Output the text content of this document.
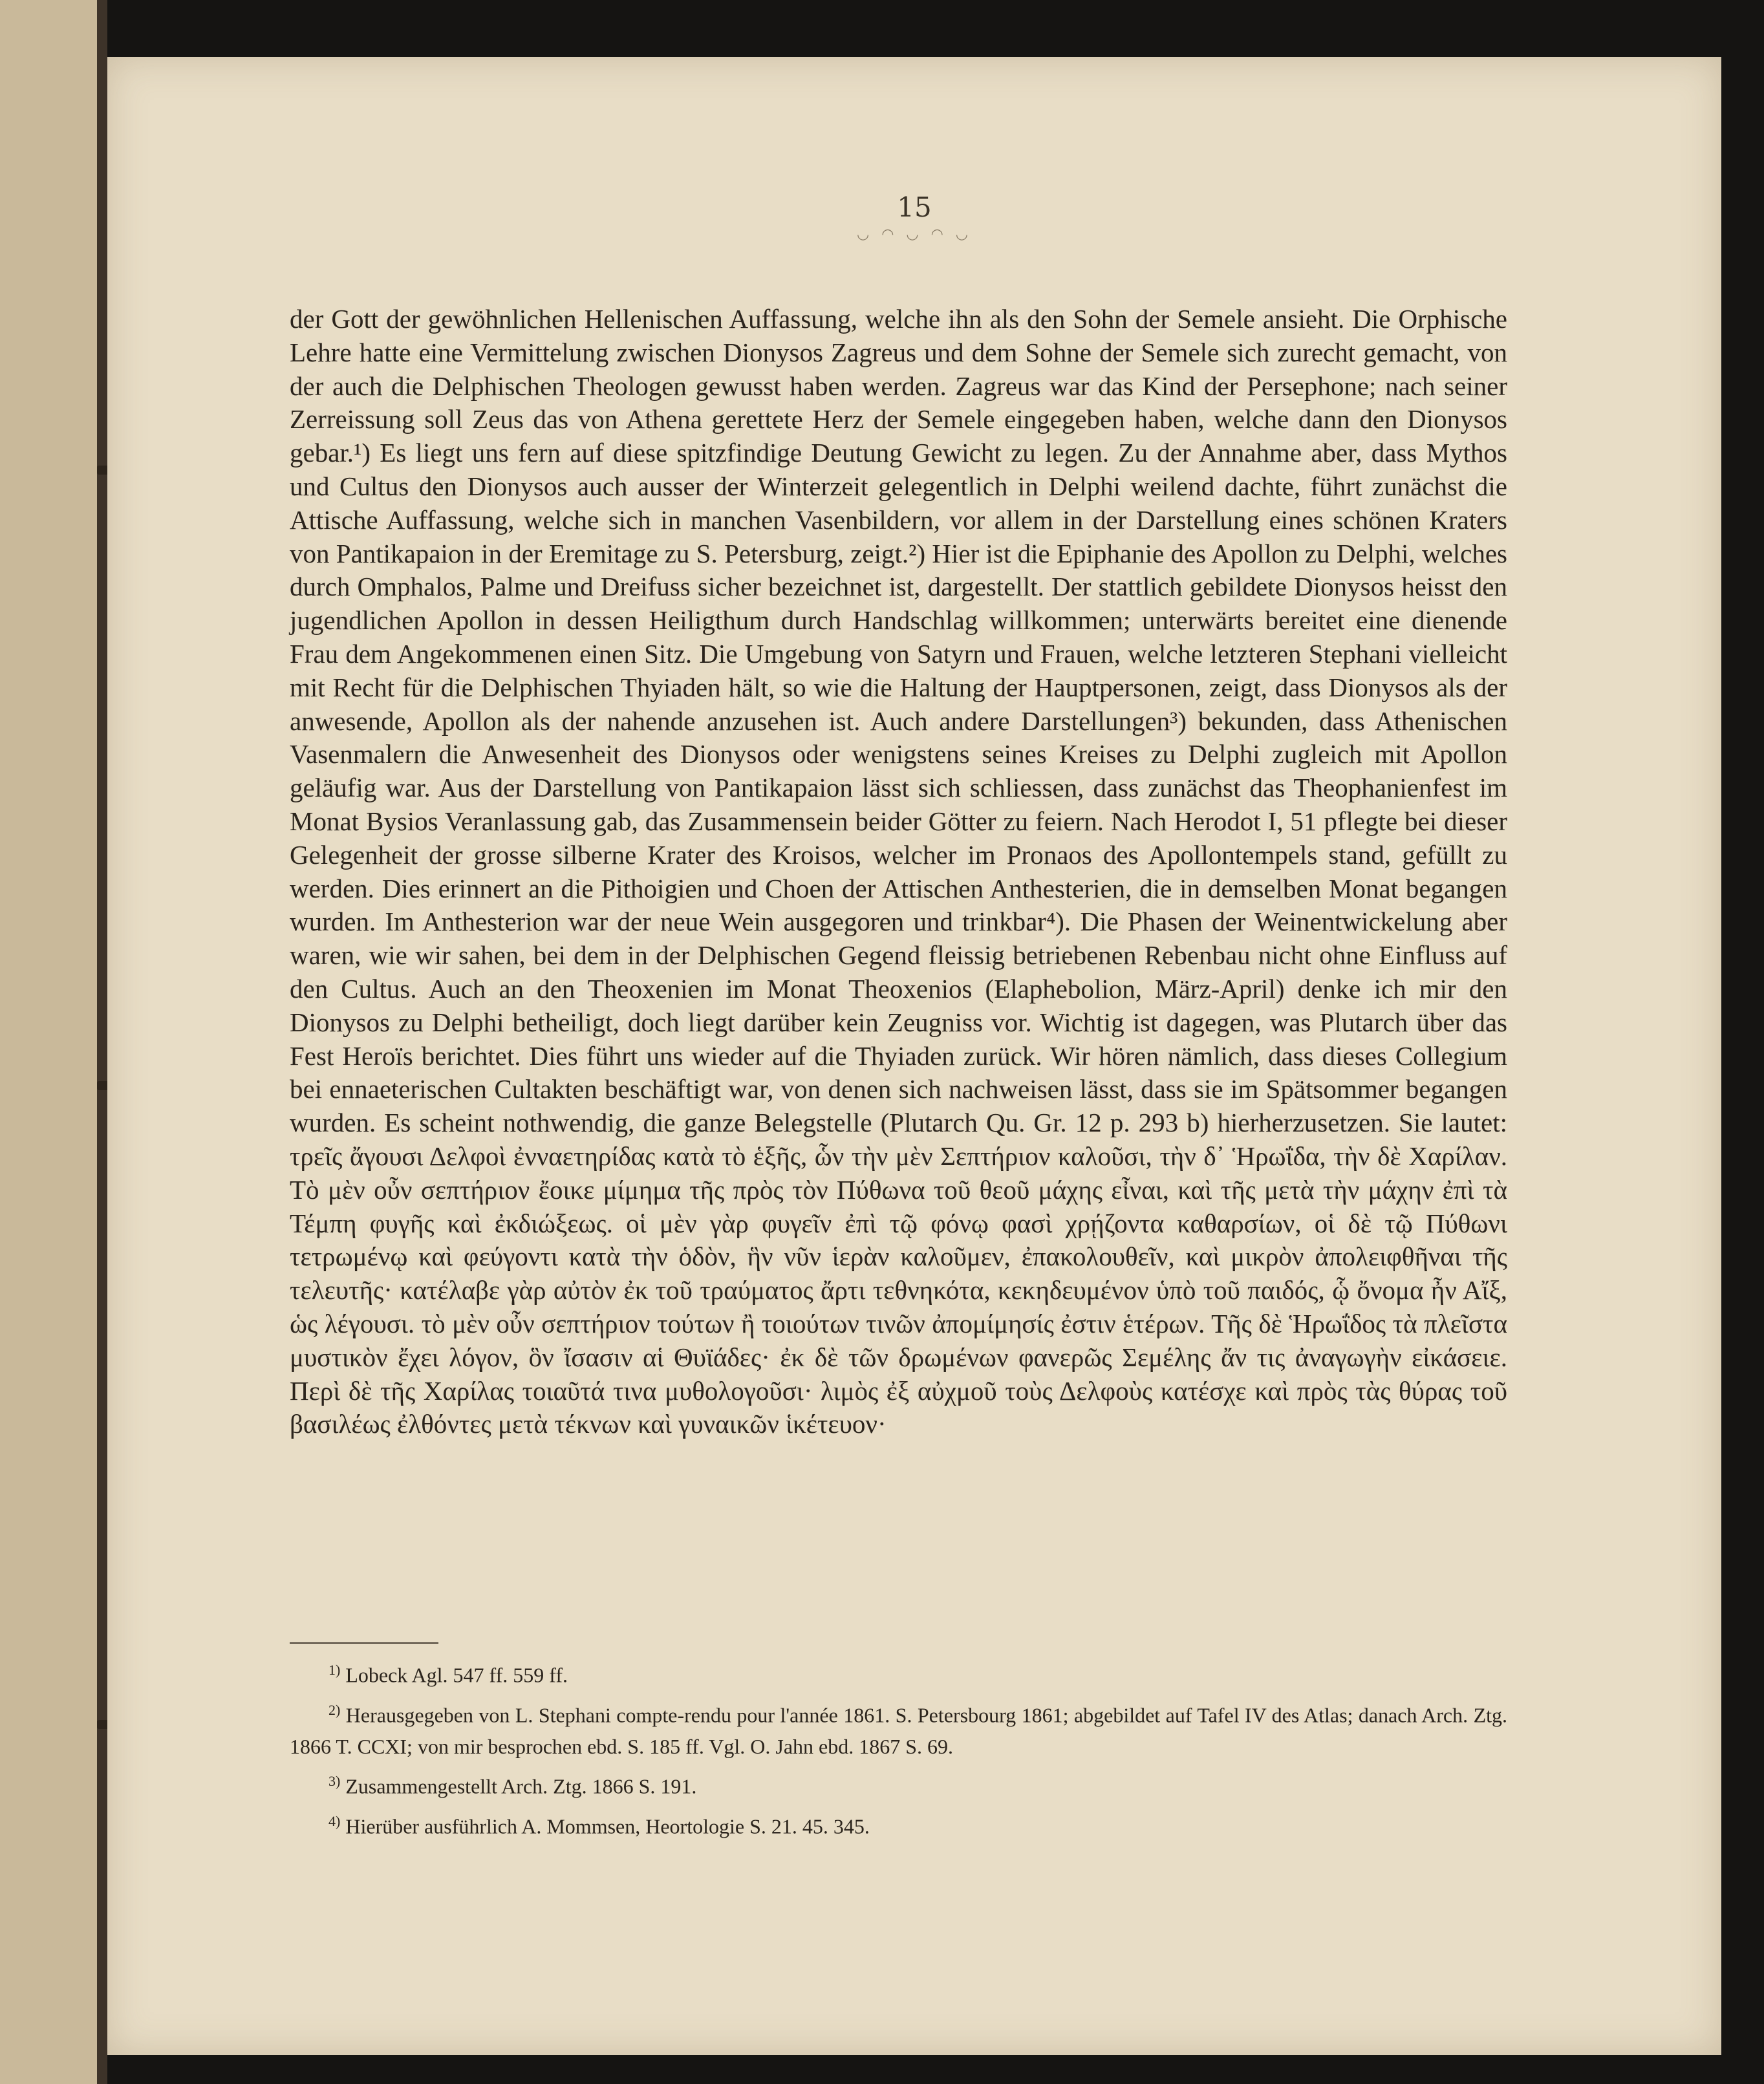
15
◡ ◠ ◡ ◠ ◡

der Gott der gewöhnlichen Hellenischen Auffassung, welche ihn als den Sohn der Semele ansieht. Die Orphische Lehre hatte eine Vermittelung zwischen Dionysos Zagreus und dem Sohne der Semele sich zurecht gemacht, von der auch die Delphischen Theologen gewusst haben werden. Zagreus war das Kind der Persephone; nach seiner Zerreissung soll Zeus das von Athena gerettete Herz der Semele eingegeben haben, welche dann den Dionysos gebar.¹) Es liegt uns fern auf diese spitzfindige Deutung Gewicht zu legen. Zu der Annahme aber, dass Mythos und Cultus den Dionysos auch ausser der Winterzeit gelegentlich in Delphi weilend dachte, führt zunächst die Attische Auffassung, welche sich in manchen Vasenbildern, vor allem in der Darstellung eines schönen Kraters von Pantikapaion in der Eremitage zu S. Petersburg, zeigt.²) Hier ist die Epiphanie des Apollon zu Delphi, welches durch Omphalos, Palme und Dreifuss sicher bezeichnet ist, dargestellt. Der stattlich gebildete Dionysos heisst den jugendlichen Apollon in dessen Heiligthum durch Handschlag willkommen; unterwärts bereitet eine dienende Frau dem Angekommenen einen Sitz. Die Umgebung von Satyrn und Frauen, welche letzteren Stephani vielleicht mit Recht für die Delphischen Thyiaden hält, so wie die Haltung der Hauptpersonen, zeigt, dass Dionysos als der anwesende, Apollon als der nahende anzusehen ist. Auch andere Darstellungen³) bekunden, dass Athenischen Vasenmalern die Anwesenheit des Dionysos oder wenigstens seines Kreises zu Delphi zugleich mit Apollon geläufig war. Aus der Darstellung von Pantikapaion lässt sich schliessen, dass zunächst das Theophanienfest im Monat Bysios Veranlassung gab, das Zusammensein beider Götter zu feiern. Nach Herodot I, 51 pflegte bei dieser Gelegenheit der grosse silberne Krater des Kroisos, welcher im Pronaos des Apollontempels stand, gefüllt zu werden. Dies erinnert an die Pithoigien und Choen der Attischen Anthesterien, die in demselben Monat begangen wurden. Im Anthesterion war der neue Wein ausgegoren und trinkbar⁴). Die Phasen der Weinentwickelung aber waren, wie wir sahen, bei dem in der Delphischen Gegend fleissig betriebenen Rebenbau nicht ohne Einfluss auf den Cultus. Auch an den Theoxenien im Monat Theoxenios (Elaphebolion, März-April) denke ich mir den Dionysos zu Delphi betheiligt, doch liegt darüber kein Zeugniss vor. Wichtig ist dagegen, was Plutarch über das Fest Heroïs berichtet. Dies führt uns wieder auf die Thyiaden zurück. Wir hören nämlich, dass dieses Collegium bei ennaeterischen Cultakten beschäftigt war, von denen sich nachweisen lässt, dass sie im Spätsommer begangen wurden. Es scheint nothwendig, die ganze Belegstelle (Plutarch Qu. Gr. 12 p. 293 b) hierherzusetzen. Sie lautet: τρεῖς ἄγουσι Δελφοὶ ἐνναετηρίδας κατὰ τὸ ἑξῆς, ὧν τὴν μὲν Σεπτήριον καλοῦσι, τὴν δ᾿ Ἡρωΐδα, τὴν δὲ Χαρίλαν. Τὸ μὲν οὖν σεπτήριον ἔοικε μίμημα τῆς πρὸς τὸν Πύθωνα τοῦ θεοῦ μάχης εἶναι, καὶ τῆς μετὰ τὴν μάχην ἐπὶ τὰ Τέμπη φυγῆς καὶ ἐκδιώξεως. οἱ μὲν γὰρ φυγεῖν ἐπὶ τῷ φόνῳ φασὶ χρῄζοντα καθαρσίων, οἱ δὲ τῷ Πύθωνι τετρωμένῳ καὶ φεύγοντι κατὰ τὴν ὁδὸν, ἣν νῦν ἱερὰν καλοῦμεν, ἐπακολουθεῖν, καὶ μικρὸν ἀπολειφθῆναι τῆς τελευτῆς· κατέλαβε γὰρ αὐτὸν ἐκ τοῦ τραύματος ἄρτι τεθνηκότα, κεκηδευμένον ὑπὸ τοῦ παιδός, ᾧ ὄνομα ἦν Αἴξ, ὡς λέγουσι. τὸ μὲν οὖν σεπτήριον τούτων ἢ τοιούτων τινῶν ἀπομίμησίς ἐστιν ἑτέρων. Τῆς δὲ Ἡρωΐδος τὰ πλεῖστα μυστικὸν ἔχει λόγον, ὃν ἴσασιν αἱ Θυϊάδες· ἐκ δὲ τῶν δρωμένων φανερῶς Σεμέλης ἄν τις ἀναγωγὴν εἰκάσειε. Περὶ δὲ τῆς Χαρίλας τοιαῦτά τινα μυθολογοῦσι· λιμὸς ἐξ αὐχμοῦ τοὺς Δελφοὺς κατέσχε καὶ πρὸς τὰς θύρας τοῦ βασιλέως ἐλθόντες μετὰ τέκνων καὶ γυναικῶν ἱκέτευον·

$^{1)}$ Lobeck Agl. 547 ff. 559 ff.
$^{2)}$ Herausgegeben von L. Stephani compte-rendu pour l'année 1861. S. Petersbourg 1861; abgebildet auf Tafel IV des Atlas; danach Arch. Ztg. 1866 T. CCXI; von mir besprochen ebd. S. 185 ff. Vgl. O. Jahn ebd. 1867 S. 69.
$^{3)}$ Zusammengestellt Arch. Ztg. 1866 S. 191.
$^{4)}$ Hierüber ausführlich A. Mommsen, Heortologie S. 21. 45. 345.
